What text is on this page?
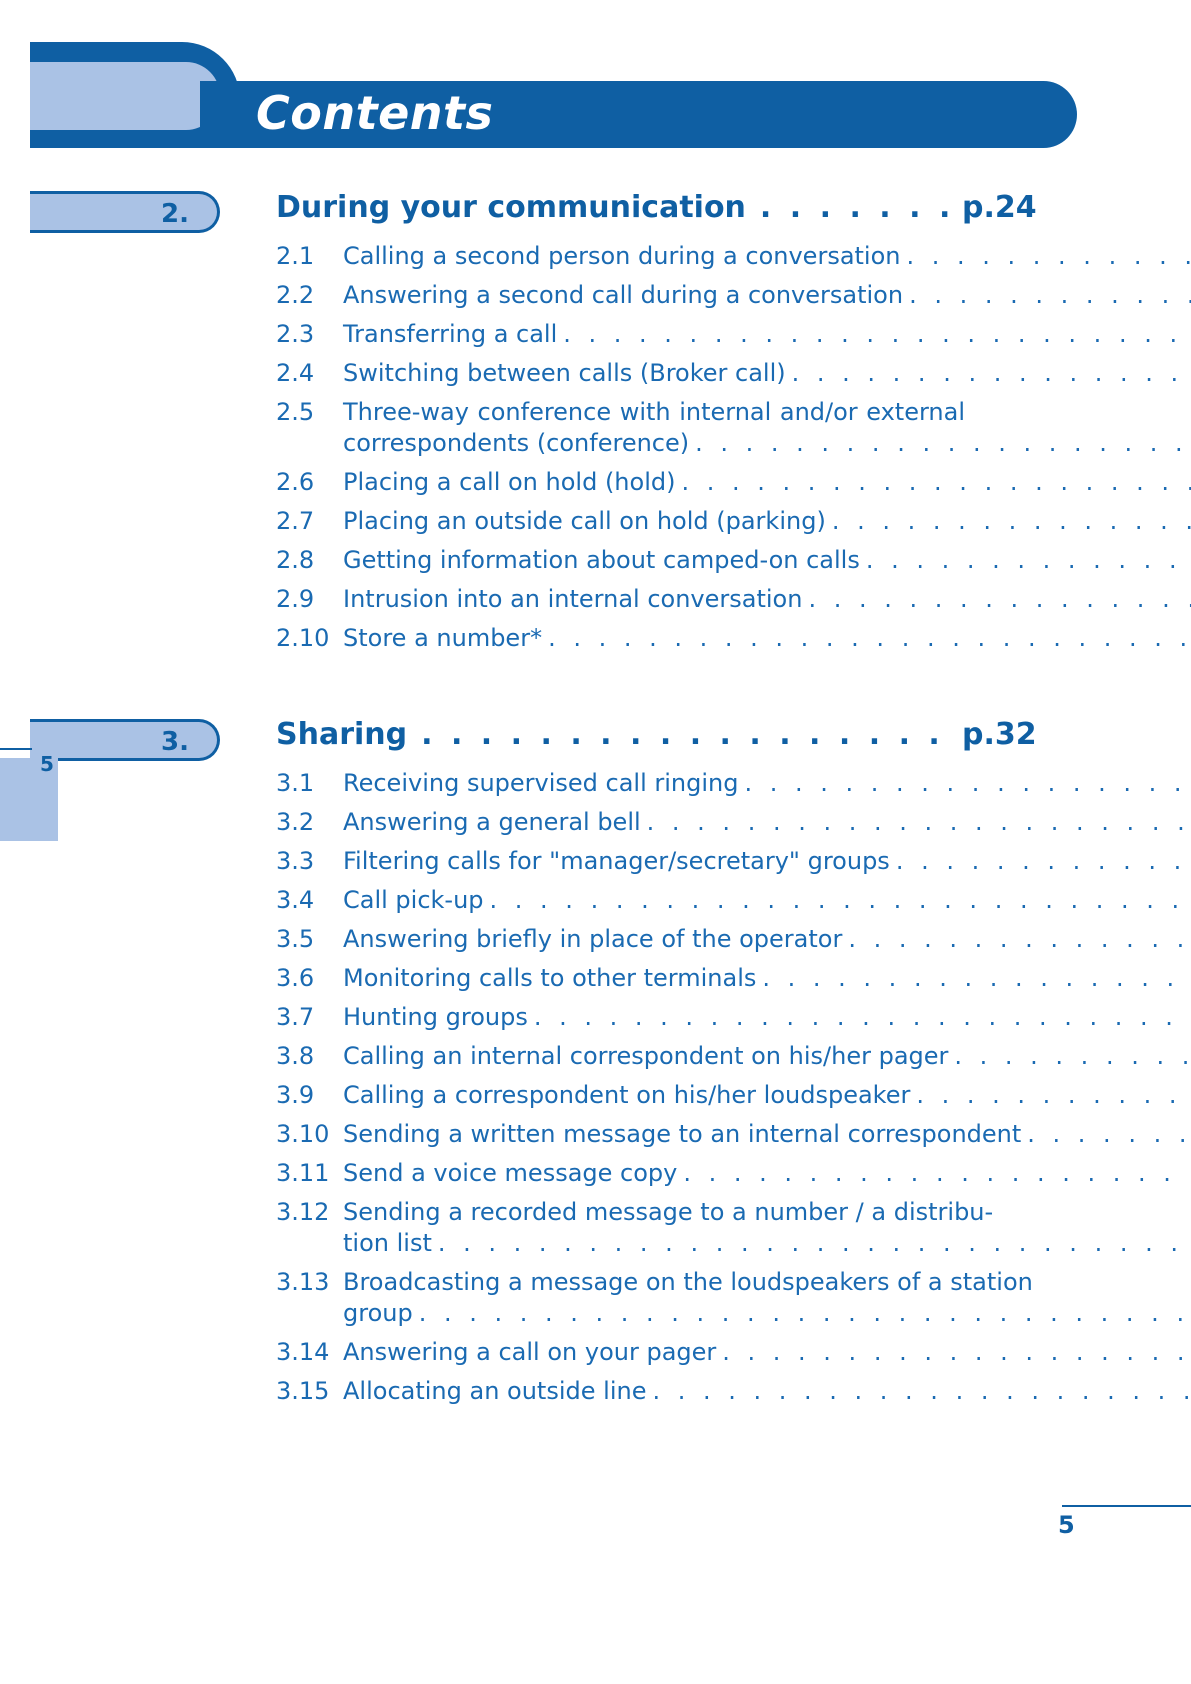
Contents
2.
3.
5
During your communication . . .	p.24
2.1	Calling a second person during a conversation
. . .
2.2	Answering a second call during a conversation
. . .
2.3	Transferring a call
. . .
2.4	Switching between calls (Broker call)
. . .
2.5	Three-way conference with internal and/or external
correspondents (conference)
. . .
2.6	Placing a call on hold (hold)
. . .
2.7	Placing an outside call on hold (parking)
. . .
2.8	Getting information about camped-on calls
. . .
2.9	Intrusion into an internal conversation
. . .
2.10 Store a number*
. . .
Sharing . . .	p.32
3.1	Receiving supervised call ringing
. . .
3.2	Answering a general bell
. . .
3.3	Filtering calls for "manager/secretary" groups
. . .
3.4	Call pick-up
. . .
3.5	Answering briefly in place of the operator
. . .
3.6	Monitoring calls to other terminals
. . .
3.7	Hunting groups
. . .
3.8	Calling an internal correspondent on his/her pager
. . .
3.9	Calling a correspondent on his/her loudspeaker
. . .
3.10 Sending a written message to an internal correspondent
. . .
3.11 Send a voice message copy
. . .
3.12 Sending a recorded message to a number / a distribu-
tion list
. . .
3.13 Broadcasting a message on the loudspeakers of a station
group
. . .
3.14 Answering a call on your pager
. . .
3.15 Allocating an outside line
. . .
5
